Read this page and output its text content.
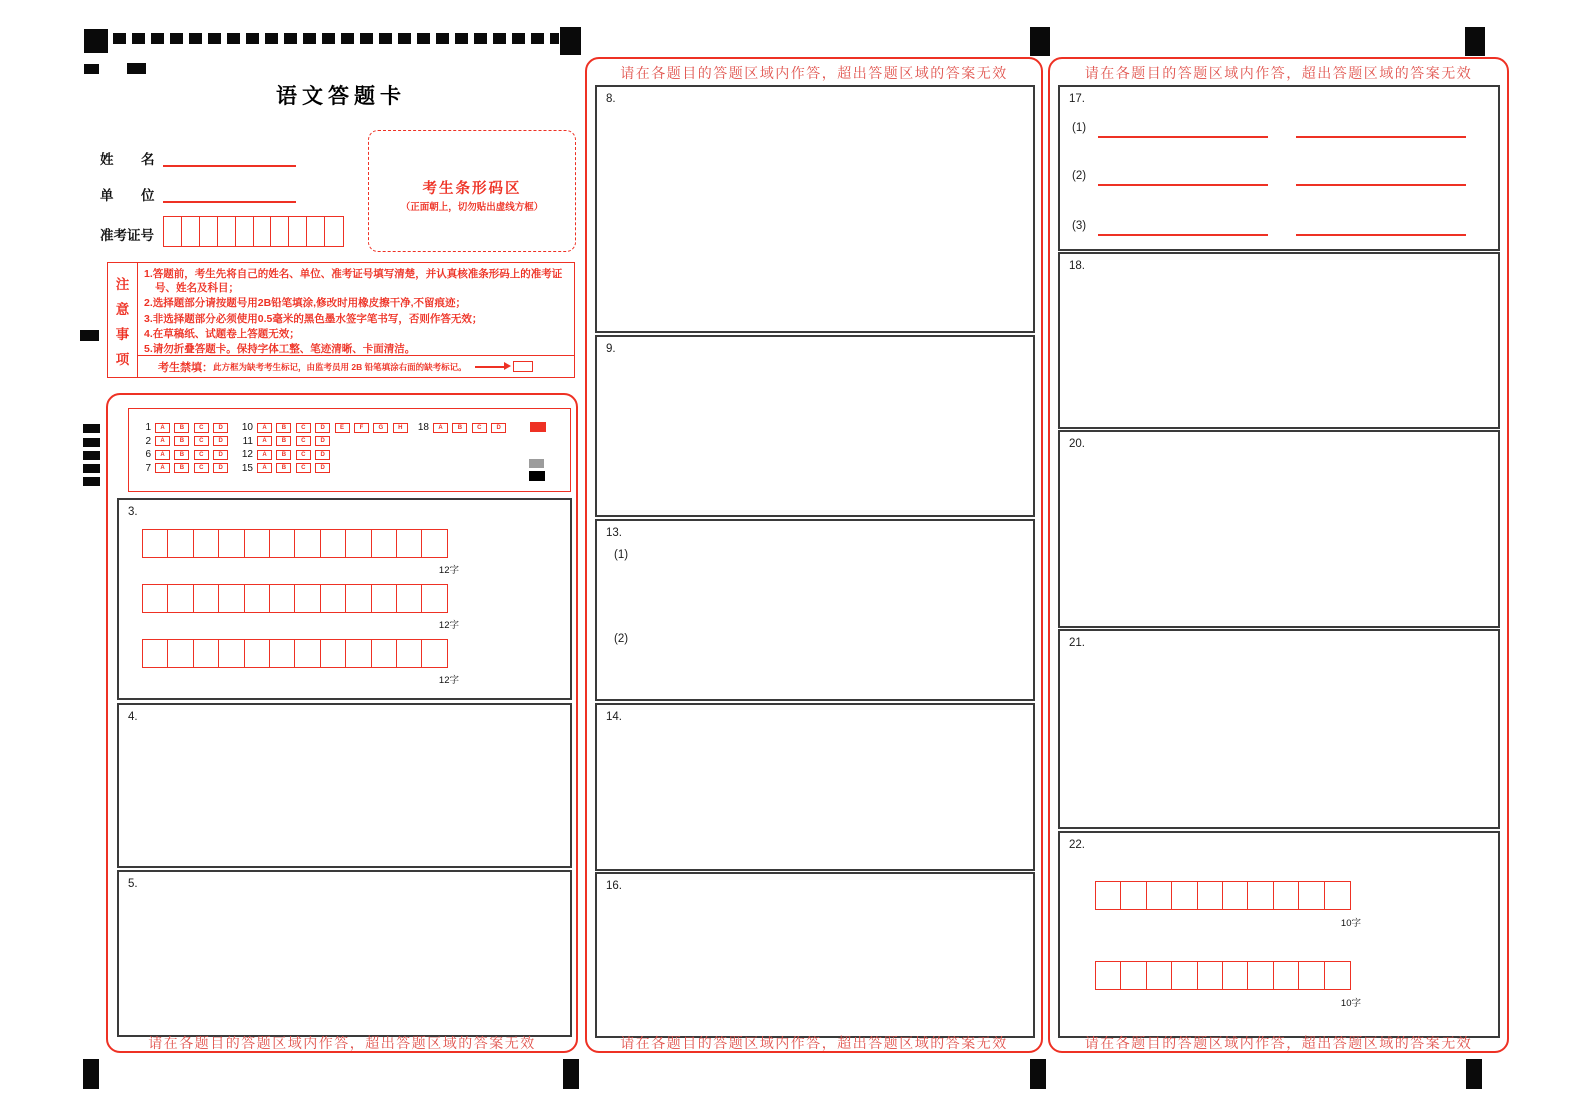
语文答题卡
姓 名
单 位
准考证号
考生条形码区
（正面朝上，切勿贴出虚线方框）
注
意
事
项

1.答题前，考生先将自己的姓名、单位、准考证号填写清楚，并认真核准条形码上的准考证号、姓名及科目；

2.选择题部分请按题号用2B铅笔填涂,修改时用橡皮擦干净,不留痕迹；

3.非选择题部分必须使用0.5毫米的黑色墨水签字笔书写，否则作答无效；

4.在草稿纸、试题卷上答题无效；

5.请勿折叠答题卡。保持字体工整、笔迹清晰、卡面清洁。

考生禁填： 此方框为缺考考生标记，由监考员用 2B 铅笔填涂右面的缺考标记。
1	A	B	C	D	10	A	B	C	D	E	F	G	H	18	A	B	C	D
2	A	B	C	D	11	A	B	C	D
6	A	B	C	D	12	A	B	C	D
7	A	B	C	D	15	A	B	C	D
3.
12字
12字
12字
4.
5.
请在各题目的答题区域内作答，超出答题区域的答案无效
请在各题目的答题区域内作答，超出答题区域的答案无效
8.
9.
13.
(1)
(2)
14.
16.
请在各题目的答题区域内作答，超出答题区域的答案无效
请在各题目的答题区域内作答，超出答题区域的答案无效
17.
(1)
(2)
(3)
18.
20.
21.
22.
10字
10字
请在各题目的答题区域内作答，超出答题区域的答案无效
